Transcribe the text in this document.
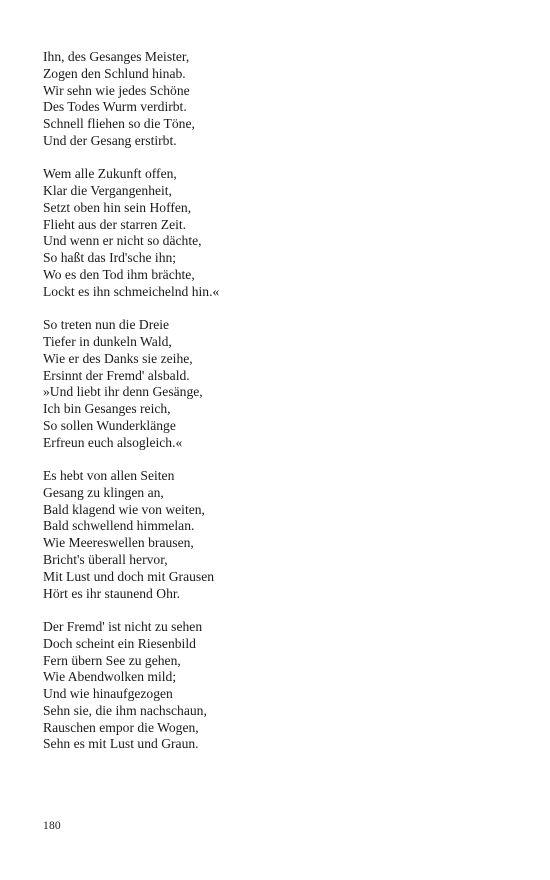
Ihn, des Gesanges Meister,
Zogen den Schlund hinab.
Wir sehn wie jedes Schöne
Des Todes Wurm verdirbt.
Schnell fliehen so die Töne,
Und der Gesang erstirbt.
Wem alle Zukunft offen,
Klar die Vergangenheit,
Setzt oben hin sein Hoffen,
Flieht aus der starren Zeit.
Und wenn er nicht so dächte,
So haßt das Ird'sche ihn;
Wo es den Tod ihm brächte,
Lockt es ihn schmeichelnd hin.«
So treten nun die Dreie
Tiefer in dunkeln Wald,
Wie er des Danks sie zeihe,
Ersinnt der Fremd' alsbald.
»Und liebt ihr denn Gesänge,
Ich bin Gesanges reich,
So sollen Wunderklänge
Erfreun euch alsogleich.«
Es hebt von allen Seiten
Gesang zu klingen an,
Bald klagend wie von weiten,
Bald schwellend himmelan.
Wie Meereswellen brausen,
Bricht's überall hervor,
Mit Lust und doch mit Grausen
Hört es ihr staunend Ohr.
Der Fremd' ist nicht zu sehen
Doch scheint ein Riesenbild
Fern übern See zu gehen,
Wie Abendwolken mild;
Und wie hinaufgezogen
Sehn sie, die ihm nachschaun,
Rauschen empor die Wogen,
Sehn es mit Lust und Graun.
180
